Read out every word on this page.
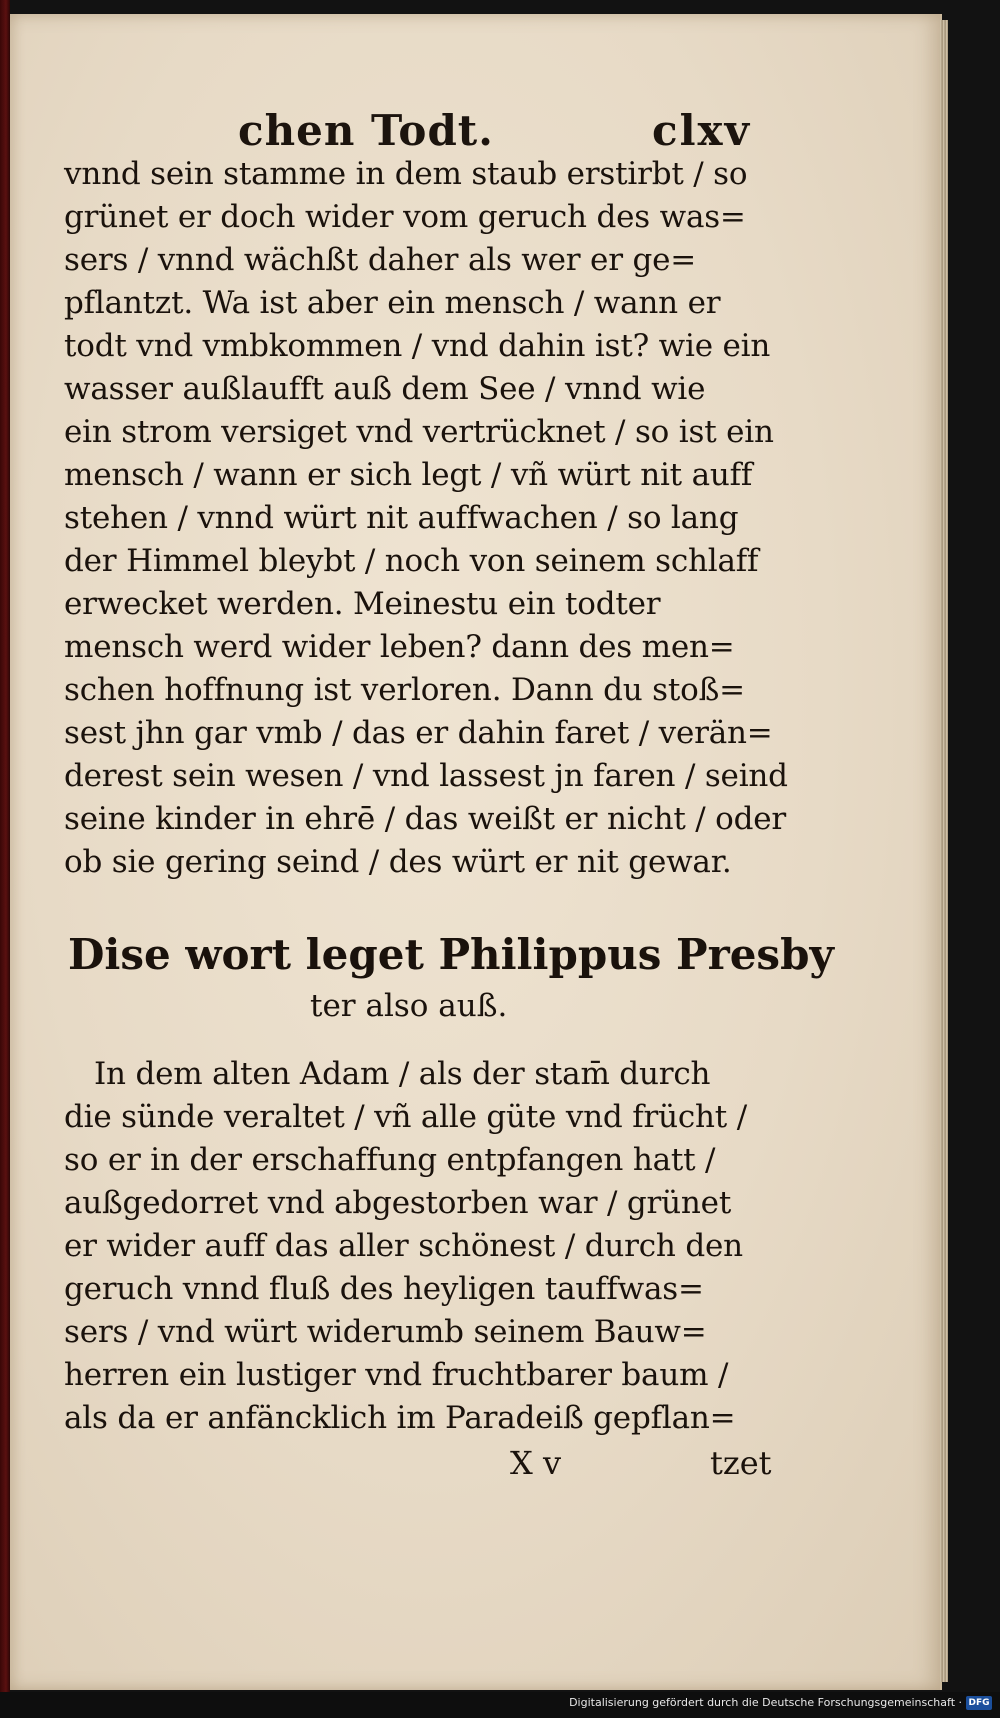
chen Todt.	clxv

vnnd sein stamme in dem staub erstirbt / so

grünet er doch wider vom geruch des was=

sers / vnnd wächßt daher als wer er ge=

pflantzt. Wa ist aber ein mensch / wann er

todt vnd vmbkommen / vnd dahin ist? wie ein

wasser außlaufft auß dem See / vnnd wie

ein strom versiget vnd vertrücknet / so ist ein

mensch / wann er sich legt / vñ würt nit auff

stehen / vnnd würt nit auffwachen / so lang

der Himmel bleybt / noch von seinem schlaff

erwecket werden. Meinestu ein todter

mensch werd wider leben? dann des men=

schen hoffnung ist verloren. Dann du stoß=

sest jhn gar vmb / das er dahin faret / verän=

derest sein wesen / vnd lassest jn faren / seind

seine kinder in ehrē / das weißt er nicht / oder

ob sie gering seind / des würt er nit gewar.

Dise wort leget Philippus Presby

ter also auß.

In dem alten Adam / als der stam̄ durch

die sünde veraltet / vñ alle güte vnd frücht /

so er in der erschaffung entpfangen hatt /

außgedorret vnd abgestorben war / grünet

er wider auff das aller schönest / durch den

geruch vnnd fluß des heyligen tauffwas=

sers / vnd würt widerumb seinem Bauw=

herren ein lustiger vnd fruchtbarer baum /

als da er anfäncklich im Paradeiß gepflan=

X v	tzet
Digitalisierung gefördert durch die Deutsche Forschungsgemeinschaft · DFG
